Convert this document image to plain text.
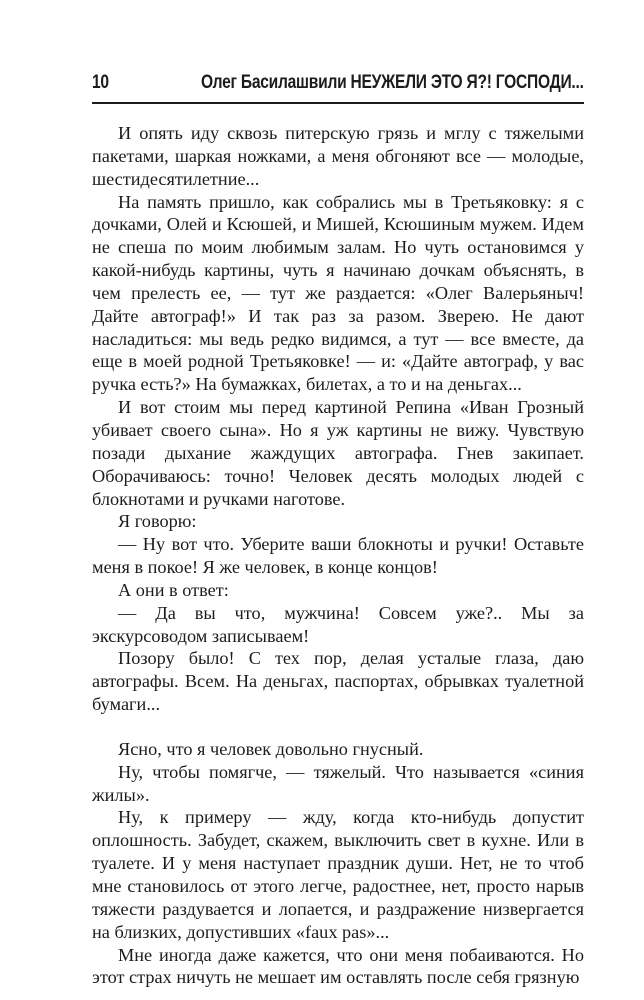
10	Олег Басилашвили НЕУЖЕЛИ ЭТО Я?! ГОСПОДИ...

И опять иду сквозь питерскую грязь и мглу с тяжелыми пакетами, шаркая ножками, а меня обгоняют все — молодые, шестидесятилетние...

На память пришло, как собрались мы в Третьяковку: я с дочками, Олей и Ксюшей, и Мишей, Ксюшиным мужем. Идем не спеша по моим любимым залам. Но чуть остановимся у какой-нибудь картины, чуть я начинаю дочкам объяснять, в чем прелесть ее, — тут же раздается: «Олег Валерьяныч! Дайте автограф!» И так раз за разом. Зверею. Не дают насладиться: мы ведь редко видимся, а тут — все вместе, да еще в моей родной Третьяковке! — и: «Дайте автограф, у вас ручка есть?» На бумажках, билетах, а то и на деньгах...

И вот стоим мы перед картиной Репина «Иван Грозный убивает своего сына». Но я уж картины не вижу. Чувствую позади дыхание жаждущих автографа. Гнев закипает. Оборачиваюсь: точно! Человек десять молодых людей с блокнотами и ручками наготове.

Я говорю:

— Ну вот что. Уберите ваши блокноты и ручки! Оставьте меня в покое! Я же человек, в конце концов!

А они в ответ:

— Да вы что, мужчина! Совсем уже?.. Мы за экскурсоводом записываем!

Позору было! С тех пор, делая усталые глаза, даю автографы. Всем. На деньгах, паспортах, обрывках туалетной бумаги...

Ясно, что я человек довольно гнусный.

Ну, чтобы помягче, — тяжелый. Что называется «синия жилы».

Ну, к примеру — жду, когда кто-нибудь допустит оплошность. Забудет, скажем, выключить свет в кухне. Или в туалете. И у меня наступает праздник души. Нет, не то чтоб мне становилось от этого легче, радостнее, нет, просто нарыв тяжести раздувается и лопается, и раздражение низвергается на близких, допустивших «faux pas»...

Мне иногда даже кажется, что они меня побаиваются. Но этот страх ничуть не мешает им оставлять после себя грязную
